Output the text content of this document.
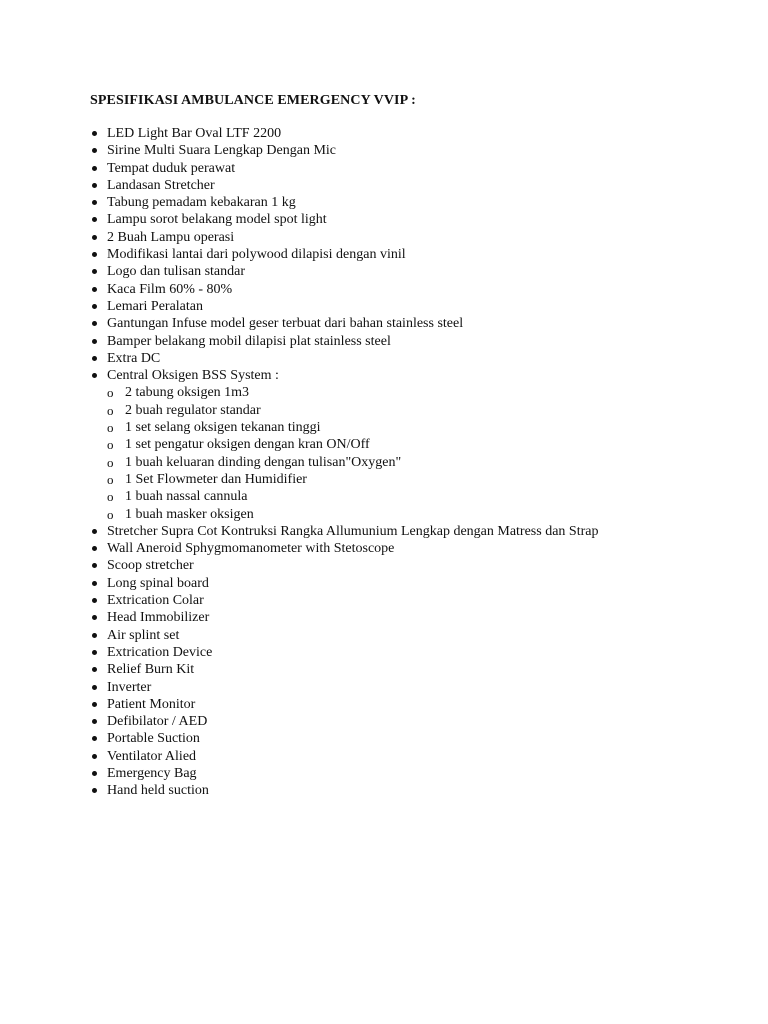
SPESIFIKASI AMBULANCE EMERGENCY VVIP :
LED Light Bar Oval LTF 2200
Sirine Multi Suara Lengkap Dengan Mic
Tempat duduk perawat
Landasan Stretcher
Tabung pemadam kebakaran 1 kg
Lampu sorot belakang model spot light
2 Buah Lampu operasi
Modifikasi lantai dari polywood dilapisi dengan vinil
Logo dan tulisan standar
Kaca Film 60% - 80%
Lemari Peralatan
Gantungan Infuse model geser terbuat dari bahan stainless steel
Bamper belakang mobil dilapisi plat stainless steel
Extra DC
Central Oksigen BSS System :
o 2 tabung oksigen 1m3
o 2 buah regulator standar
o 1 set selang oksigen tekanan tinggi
o 1 set pengatur oksigen dengan kran ON/Off
o 1 buah keluaran dinding dengan tulisan"Oxygen"
o 1 Set Flowmeter dan Humidifier
o 1 buah nassal cannula
o 1 buah masker oksigen
Stretcher Supra Cot Kontruksi Rangka Allumunium Lengkap dengan Matress dan Strap
Wall Aneroid Sphygmomanometer with Stetoscope
Scoop stretcher
Long spinal board
Extrication Colar
Head Immobilizer
Air splint set
Extrication Device
Relief Burn Kit
Inverter
Patient Monitor
Defibilator / AED
Portable Suction
Ventilator Alied
Emergency Bag
Hand held suction
